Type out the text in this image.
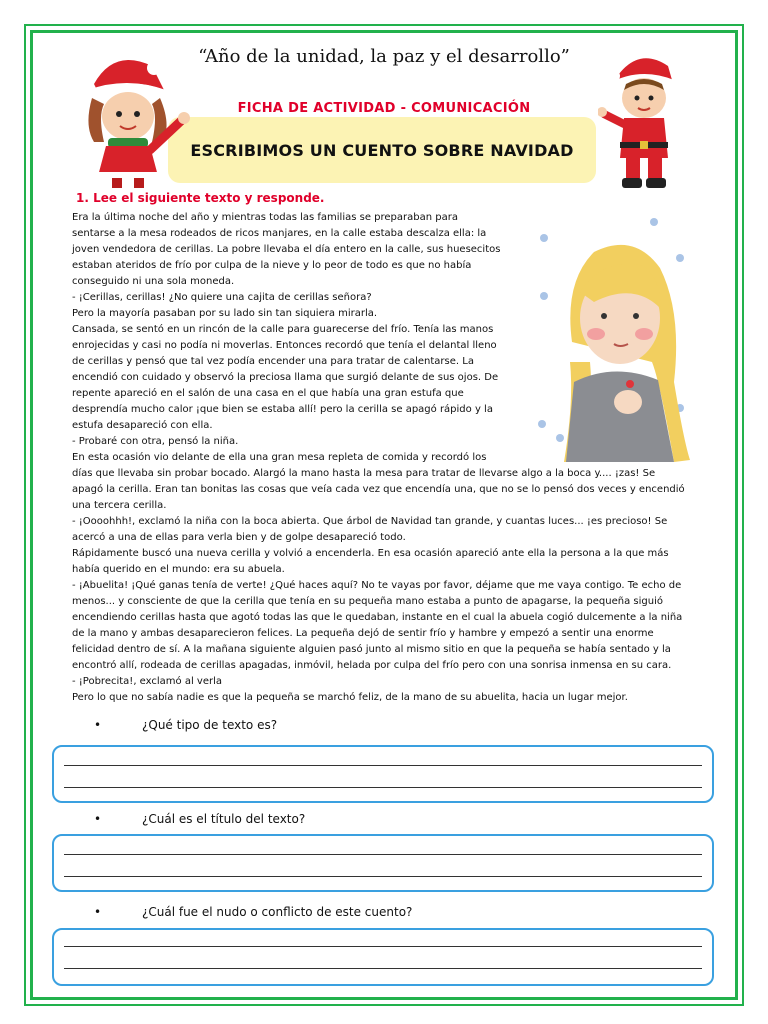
“Año de la unidad, la paz y el desarrollo”
FICHA DE ACTIVIDAD - COMUNICACIÓN
ESCRIBIMOS UN CUENTO SOBRE NAVIDAD
1. Lee el siguiente texto y responde.
Era la última noche del año y mientras todas las familias se preparaban para
sentarse a la mesa rodeados de ricos manjares, en la calle estaba descalza ella: la
joven vendedora de cerillas. La pobre llevaba el día entero en la calle, sus huesecitos
estaban ateridos de frío por culpa de la nieve y lo peor de todo es que no había
conseguido ni una sola moneda.
- ¡Cerillas, cerillas! ¿No quiere una cajita de cerillas señora?
Pero la mayoría pasaban por su lado sin tan siquiera mirarla.
Cansada, se sentó en un rincón de la calle para guarecerse del frío. Tenía las manos
enrojecidas y casi no podía ni moverlas. Entonces recordó que tenía el delantal lleno
de cerillas y pensó que tal vez podía encender una para tratar de calentarse. La
encendió con cuidado y observó la preciosa llama que surgió delante de sus ojos. De
repente apareció en el salón de una casa en el que había una gran estufa que
desprendía mucho calor ¡que bien se estaba allí! pero la cerilla se apagó rápido y la
estufa desapareció con ella.
- Probaré con otra, pensó la niña.
En esta ocasión vio delante de ella una gran mesa repleta de comida y recordó los
días que llevaba sin probar bocado. Alargó la mano hasta la mesa para tratar de llevarse algo a la boca y.... ¡zas! Se
apagó la cerilla. Eran tan bonitas las cosas que veía cada vez que encendía una, que no se lo pensó dos veces y encendió
una tercera cerilla.
- ¡Oooohhh!, exclamó la niña con la boca abierta. Que árbol de Navidad tan grande, y cuantas luces... ¡es precioso! Se
acercó a una de ellas para verla bien y de golpe desapareció todo.
Rápidamente buscó una nueva cerilla y volvió a encenderla. En esa ocasión apareció ante ella la persona a la que más
había querido en el mundo: era su abuela.
- ¡Abuelita! ¡Qué ganas tenía de verte! ¿Qué haces aquí? No te vayas por favor, déjame que me vaya contigo. Te echo de
menos... y consciente de que la cerilla que tenía en su pequeña mano estaba a punto de apagarse, la pequeña siguió
encendiendo cerillas hasta que agotó todas las que le quedaban, instante en el cual la abuela cogió dulcemente a la niña
de la mano y ambas desaparecieron felices. La pequeña dejó de sentir frío y hambre y empezó a sentir una enorme
felicidad dentro de sí. A la mañana siguiente alguien pasó junto al mismo sitio en que la pequeña se había sentado y la
encontró allí, rodeada de cerillas apagadas, inmóvil, helada por culpa del frío pero con una sonrisa inmensa en su cara.
- ¡Pobrecita!, exclamó al verla
Pero lo que no sabía nadie es que la pequeña se marchó feliz, de la mano de su abuelita, hacia un lugar mejor.
•	¿Qué tipo de texto es?
•	¿Cuál es el título del texto?
•	¿Cuál fue el nudo o conflicto de este cuento?
